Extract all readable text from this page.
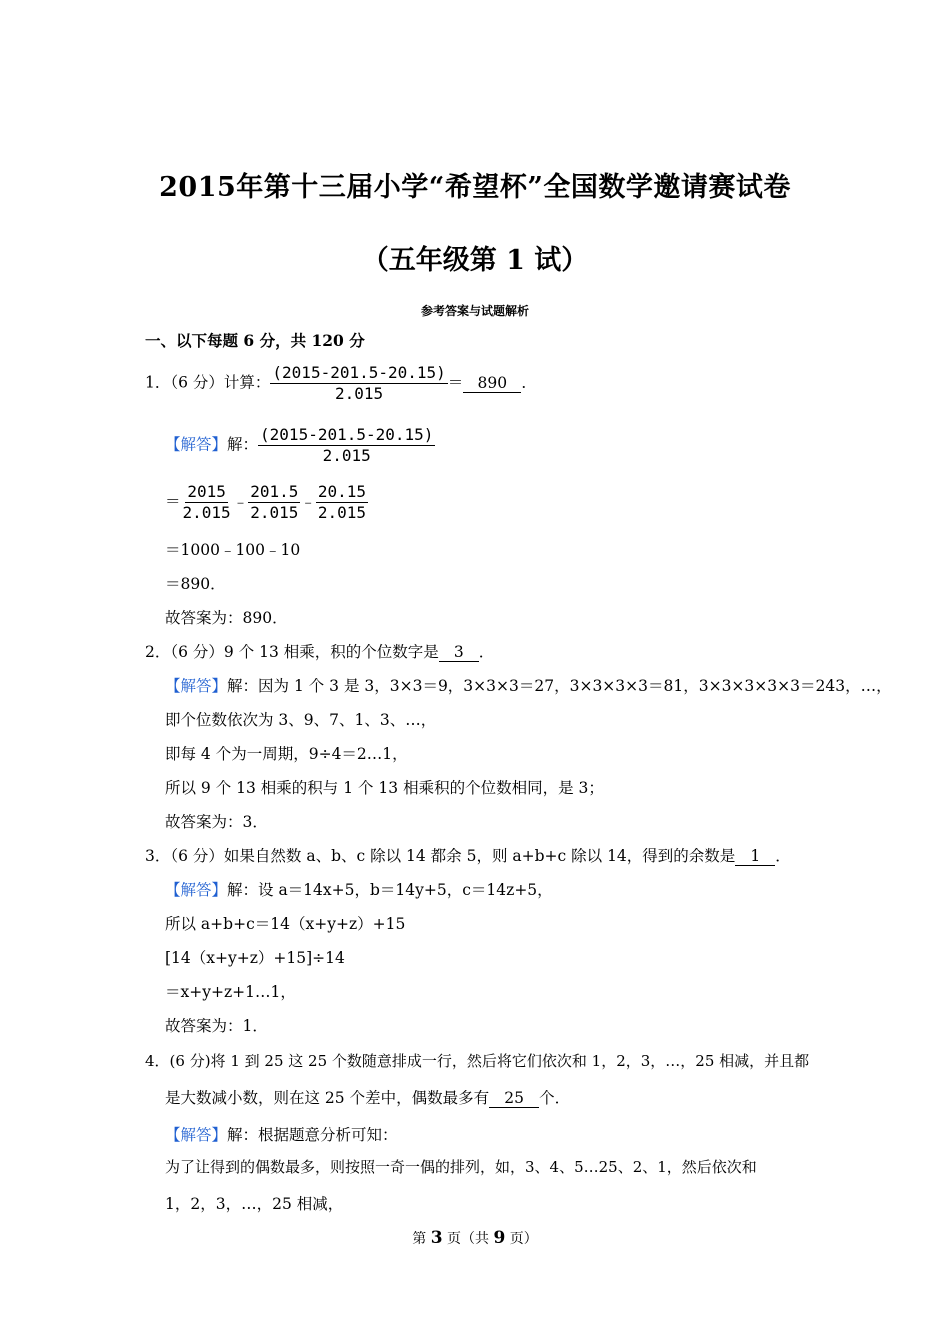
2015年第十三届小学“希望杯”全国数学邀请赛试卷
（五年级第 1 试）
参考答案与试题解析
一、以下每题 6 分，共 120 分
1．（6 分）计算： $\frac{(2015-201.5-20.15)}{2.015} = 890$ ．
【解答】解： $\frac{(2015-201.5-20.15)}{2.015}$
＝ $\frac{2015}{2.015}$ ﹣ $\frac{201.5}{2.015}$ ﹣ $\frac{20.15}{2.015}$
＝1000﹣100﹣10
＝890．
故答案为：890．
2．（6 分）9 个 13 相乘，积的个位数字是 3 ．
【解答】解：因为 1 个 3 是 3，3×3＝9，3×3×3＝27，3×3×3×3＝81，3×3×3×3×3＝243，…，
即个位数依次为 3、9、7、1、3、…，
即每 4 个为一周期，9÷4＝2…1，
所以 9 个 13 相乘的积与 1 个 13 相乘积的个位数相同，是 3；
故答案为：3．
3．（6 分）如果自然数 a、b、c 除以 14 都余 5，则 a+b+c 除以 14，得到的余数是 1 ．
【解答】解：设 a＝14x+5，b＝14y+5，c＝14z+5，
所以 a+b+c＝14（x+y+z）+15
[14（x+y+z）+15]÷14
＝x+y+z+1…1，
故答案为：1．
4．(6 分)将 1 到 25 这 25 个数随意排成一行，然后将它们依次和 1，2，3，…，25 相减，并且都
是大数减小数，则在这 25 个差中，偶数最多有 25 个．
【解答】解：根据题意分析可知：
为了让得到的偶数最多，则按照一奇一偶的排列，如，3、4、5…25、2、1，然后依次和
1，2，3，…，25 相减，
第 3 页（共 9 页）
